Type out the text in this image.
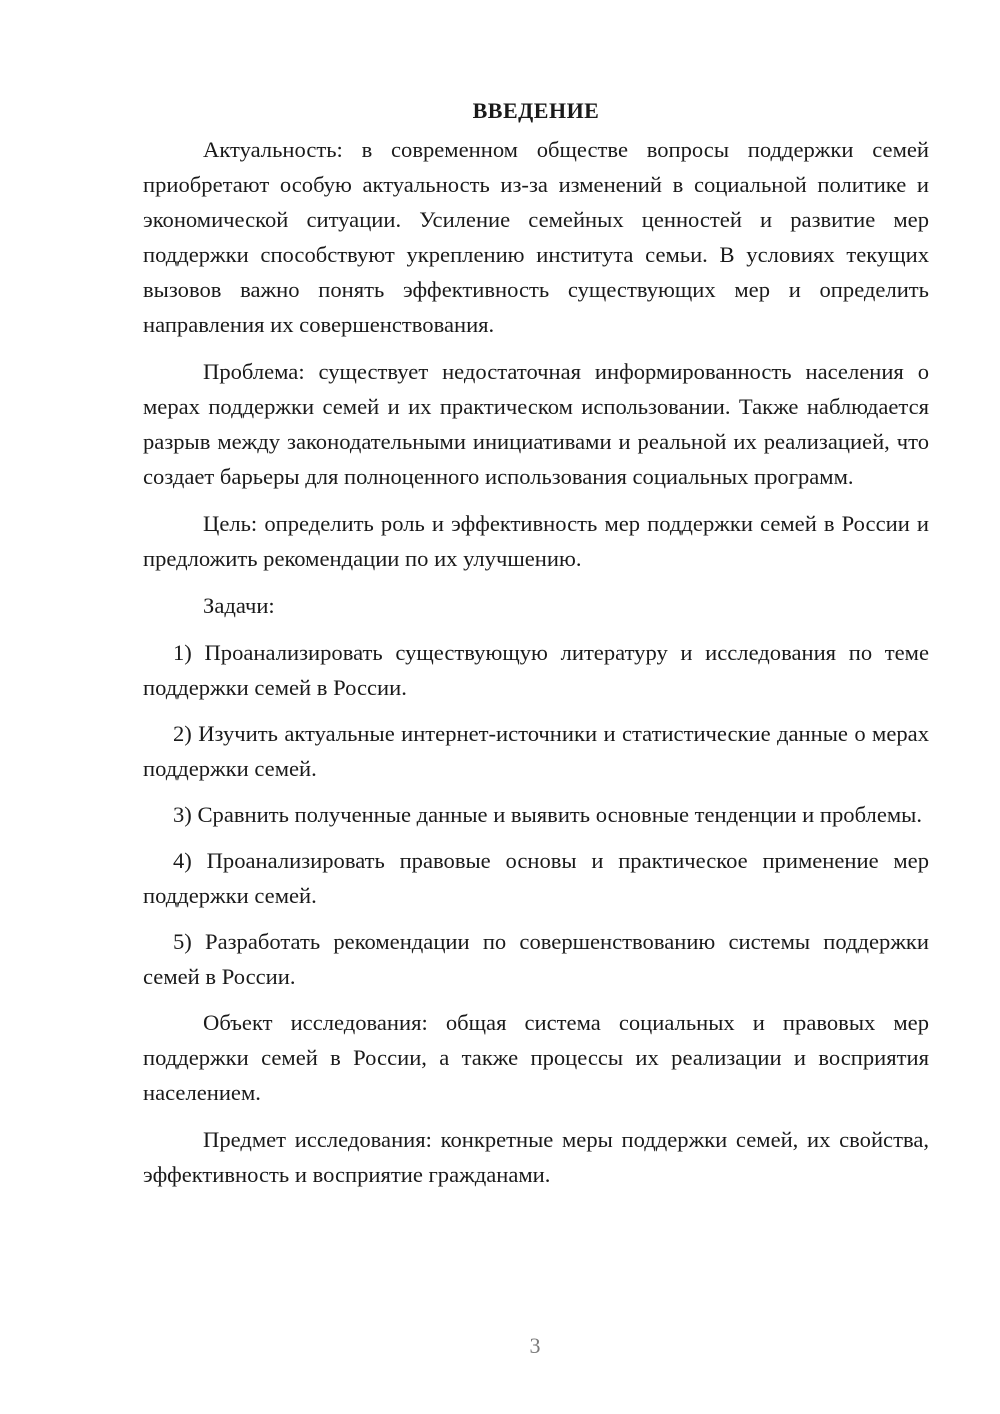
ВВЕДЕНИЕ

Актуальность: в современном обществе вопросы поддержки семей приобретают особую актуальность из-за изменений в социальной политике и экономической ситуации. Усиление семейных ценностей и развитие мер поддержки способствуют укреплению института семьи. В условиях текущих вызовов важно понять эффективность существующих мер и определить направления их совершенствования.

Проблема: существует недостаточная информированность населения о мерах поддержки семей и их практическом использовании. Также наблюдается разрыв между законодательными инициативами и реальной их реализацией, что создает барьеры для полноценного использования социальных программ.

Цель: определить роль и эффективность мер поддержки семей в России и предложить рекомендации по их улучшению.

Задачи:

1) Проанализировать существующую литературу и исследования по теме поддержки семей в России.

2) Изучить актуальные интернет-источники и статистические данные о мерах поддержки семей.

3) Сравнить полученные данные и выявить основные тенденции и проблемы.

4) Проанализировать правовые основы и практическое применение мер поддержки семей.

5) Разработать рекомендации по совершенствованию системы поддержки семей в России.

Объект исследования: общая система социальных и правовых мер поддержки семей в России, а также процессы их реализации и восприятия населением.

Предмет исследования: конкретные меры поддержки семей, их свойства, эффективность и восприятие гражданами.

3
